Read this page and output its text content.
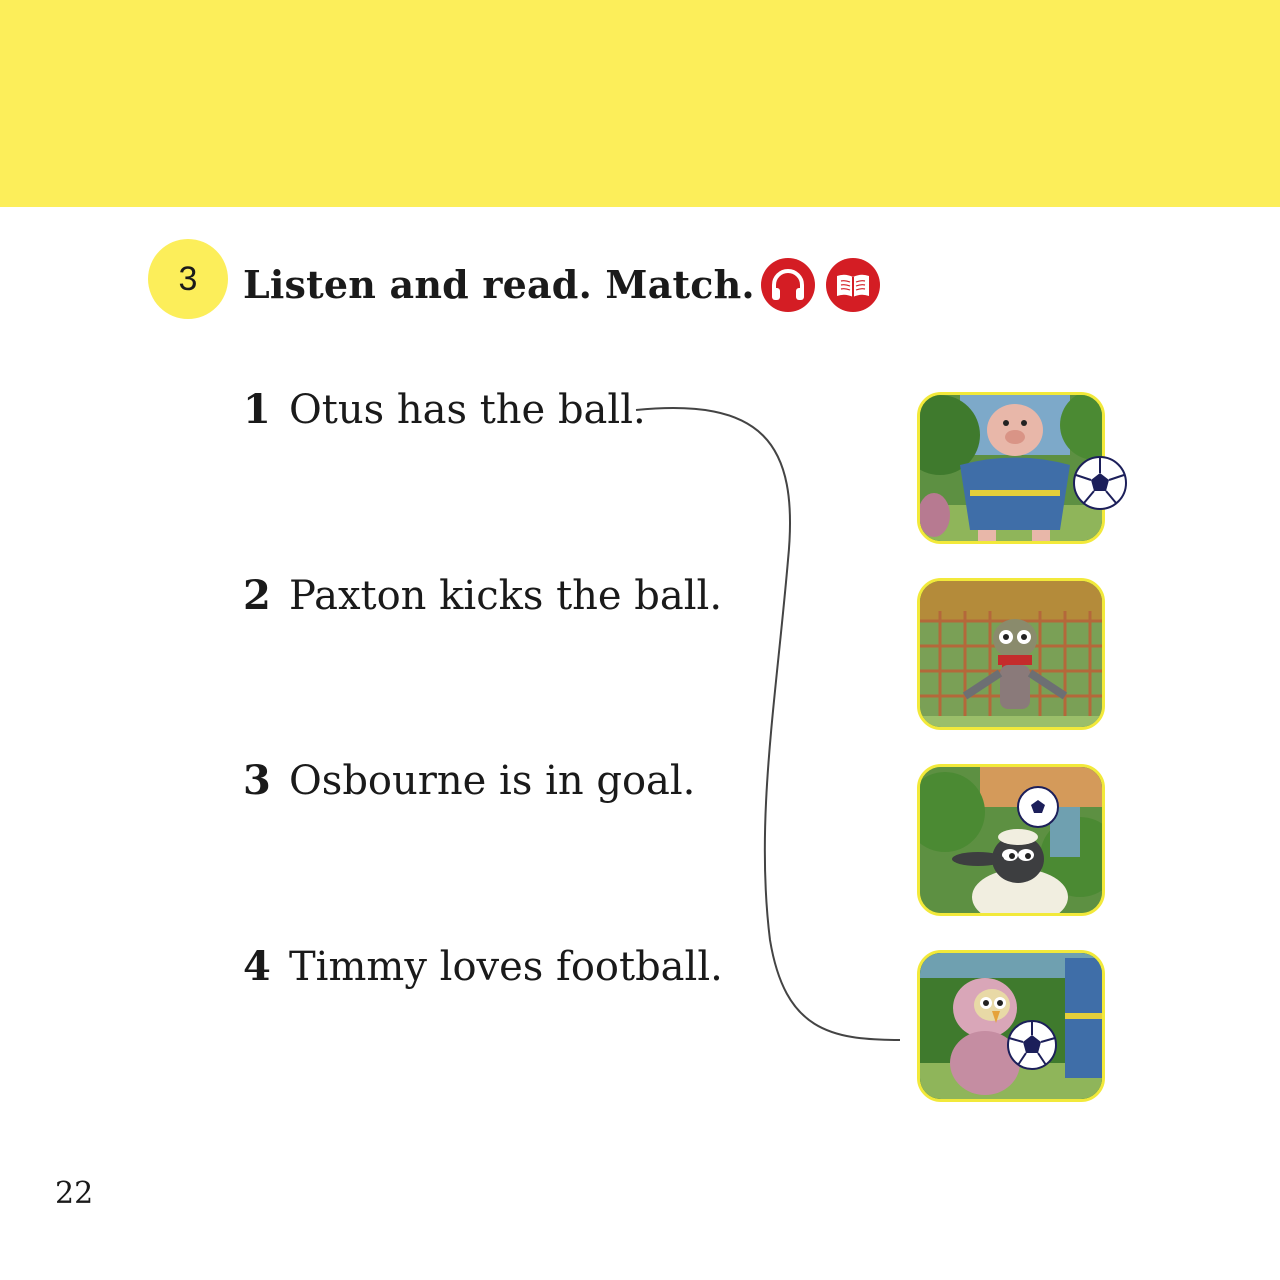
3 Listen and read. Match.
1 Otus has the ball.
2 Paxton kicks the ball.
3 Osbourne is in goal.
4 Timmy loves football.
22
